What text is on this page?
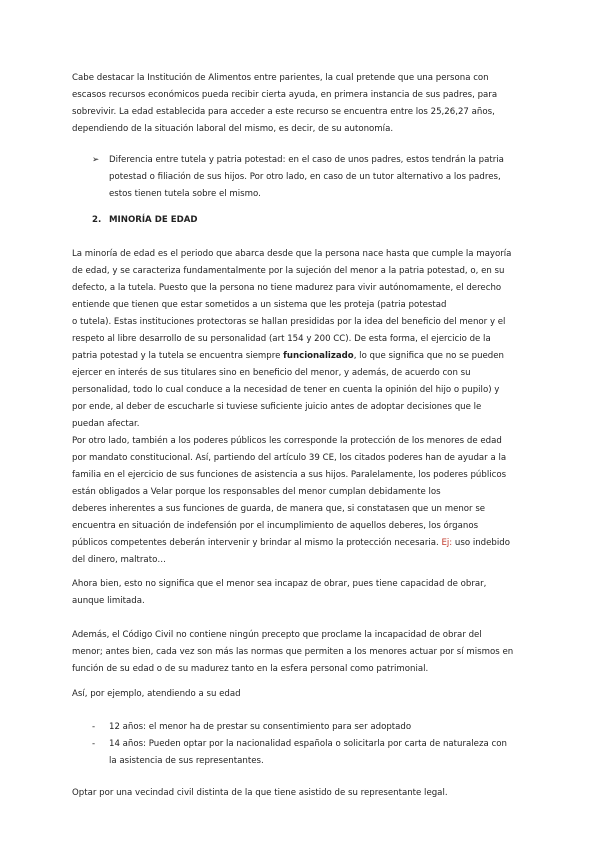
Cabe destacar la Institución de Alimentos entre parientes, la cual pretende que una persona con
escasos recursos económicos pueda recibir cierta ayuda, en primera instancia de sus padres, para
sobrevivir. La edad establecida para acceder a este recurso se encuentra entre los 25,26,27 años,
dependiendo de la situación laboral del mismo, es decir, de su autonomía.

➢	Diferencia entre tutela y patria potestad: en el caso de unos padres, estos tendrán la patria
potestad o filiación de sus hijos. Por otro lado, en caso de un tutor alternativo a los padres,
estos tienen tutela sobre el mismo.
2. MINORÍA DE EDAD

La minoría de edad es el periodo que abarca desde que la persona nace hasta que cumple la mayoría
de edad, y se caracteriza fundamentalmente por la sujeción del menor a la patria potestad, o, en su
defecto, a la tutela. Puesto que la persona no tiene madurez para vivir autónomamente, el derecho
entiende que tienen que estar sometidos a un sistema que les proteja (patria potestad
o tutela). Estas instituciones protectoras se hallan presididas por la idea del beneficio del menor y el
respeto al libre desarrollo de su personalidad (art 154 y 200 CC). De esta forma, el ejercicio de la
patria potestad y la tutela se encuentra siempre funcionalizado, lo que significa que no se pueden
ejercer en interés de sus titulares sino en beneficio del menor, y además, de acuerdo con su
personalidad, todo lo cual conduce a la necesidad de tener en cuenta la opinión del hijo o pupilo) y
por ende, al deber de escucharle si tuviese suficiente juicio antes de adoptar decisiones que le
puedan afectar.

Por otro lado, también a los poderes públicos les corresponde la protección de los menores de edad
por mandato constitucional. Así, partiendo del artículo 39 CE, los citados poderes han de ayudar a la
familia en el ejercicio de sus funciones de asistencia a sus hijos. Paralelamente, los poderes públicos
están obligados a Velar porque los responsables del menor cumplan debidamente los
deberes inherentes a sus funciones de guarda, de manera que, si constatasen que un menor se
encuentra en situación de indefensión por el incumplimiento de aquellos deberes, los órganos
públicos competentes deberán intervenir y brindar al mismo la protección necesaria. Ej: uso indebido
del dinero, maltrato…

Ahora bien, esto no significa que el menor sea incapaz de obrar, pues tiene capacidad de obrar,
aunque limitada.

Además, el Código Civil no contiene ningún precepto que proclame la incapacidad de obrar del
menor; antes bien, cada vez son más las normas que permiten a los menores actuar por sí mismos en
función de su edad o de su madurez tanto en la esfera personal como patrimonial.

Así, por ejemplo, atendiendo a su edad

- 12 años: el menor ha de prestar su consentimiento para ser adoptado
- 14 años: Pueden optar por la nacionalidad española o solicitarla por carta de naturaleza con
la asistencia de sus representantes.

Optar por una vecindad civil distinta de la que tiene asistido de su representante legal.
